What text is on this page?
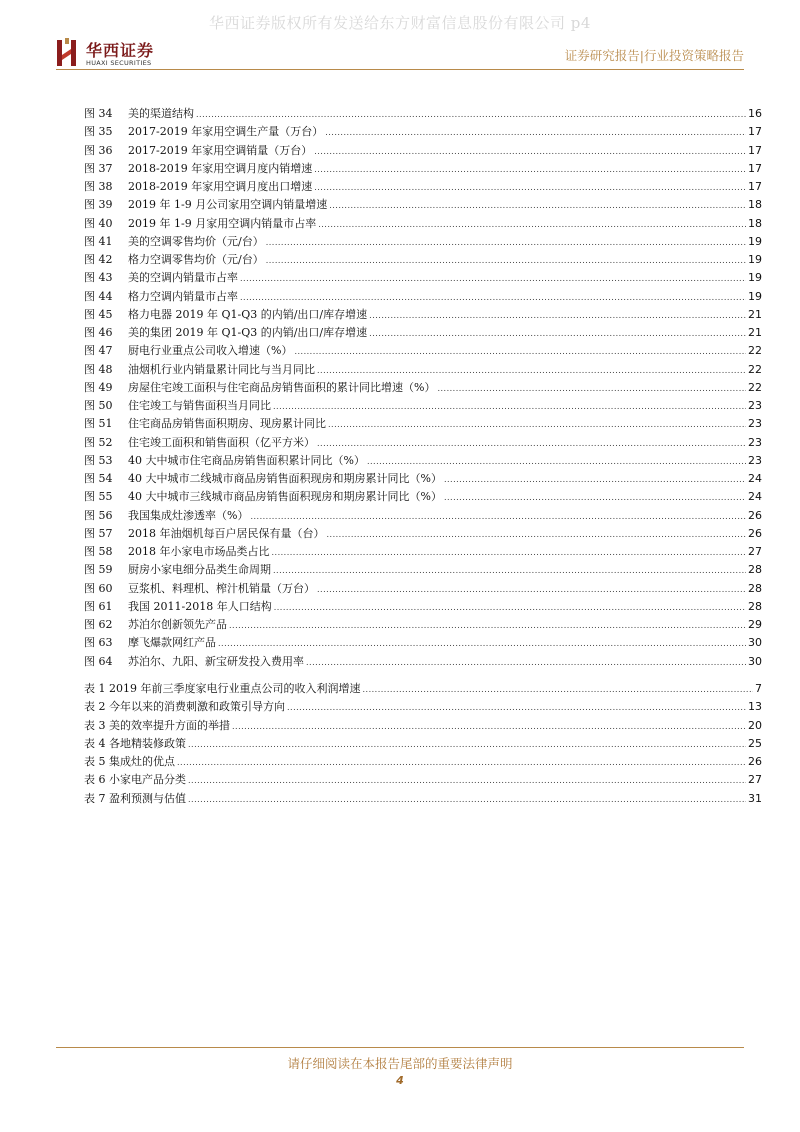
华西证券版权所有发送给东方财富信息股份有限公司 p4
华西证券
HUAXI SECURITIES	证券研究报告|行业投资策略报告
图 34	美的渠道结构 .....	16
图 35	2017-2019 年家用空调生产量（万台） .....	17
图 36	2017-2019 年家用空调销量（万台） .....	17
图 37	2018-2019 年家用空调月度内销增速 .....	17
图 38	2018-2019 年家用空调月度出口增速 .....	17
图 39	2019 年 1-9 月公司家用空调内销量增速 .....	18
图 40	2019 年 1-9 月家用空调内销量市占率 .....	18
图 41	美的空调零售均价（元/台） .....	19
图 42	格力空调零售均价（元/台） .....	19
图 43	美的空调内销量市占率 .....	19
图 44	格力空调内销量市占率 .....	19
图 45	格力电器 2019 年 Q1-Q3 的内销/出口/库存增速 .....	21
图 46	美的集团 2019 年 Q1-Q3 的内销/出口/库存增速 .....	21
图 47	厨电行业重点公司收入增速（%） .....	22
图 48	油烟机行业内销量累计同比与当月同比 .....	22
图 49	房屋住宅竣工面积与住宅商品房销售面积的累计同比增速（%） .....	22
图 50	住宅竣工与销售面积当月同比 .....	23
图 51	住宅商品房销售面积期房、现房累计同比 .....	23
图 52	住宅竣工面积和销售面积（亿平方米） .....	23
图 53	40 大中城市住宅商品房销售面积累计同比（%） .....	23
图 54	40 大中城市二线城市商品房销售面积现房和期房累计同比（%） .....	24
图 55	40 大中城市三线城市商品房销售面积现房和期房累计同比（%） .....	24
图 56	我国集成灶渗透率（%） .....	26
图 57	2018 年油烟机每百户居民保有量（台） .....	26
图 58	2018 年小家电市场品类占比 .....	27
图 59	厨房小家电细分品类生命周期 .....	28
图 60	豆浆机、料理机、榨汁机销量（万台） .....	28
图 61	我国 2011-2018 年人口结构 .....	28
图 62	苏泊尔创新领先产品 .....	29
图 63	摩飞爆款网红产品 .....	30
图 64	苏泊尔、九阳、新宝研发投入费用率 .....	30
表 1 2019 年前三季度家电行业重点公司的收入利润增速 .....	7
表 2 今年以来的消费刺激和政策引导方向 .....	13
表 3 美的效率提升方面的举措 .....	20
表 4 各地精装修政策 .....	25
表 5 集成灶的优点 .....	26
表 6 小家电产品分类 .....	27
表 7 盈利预测与估值 .....	31
请仔细阅读在本报告尾部的重要法律声明
4
